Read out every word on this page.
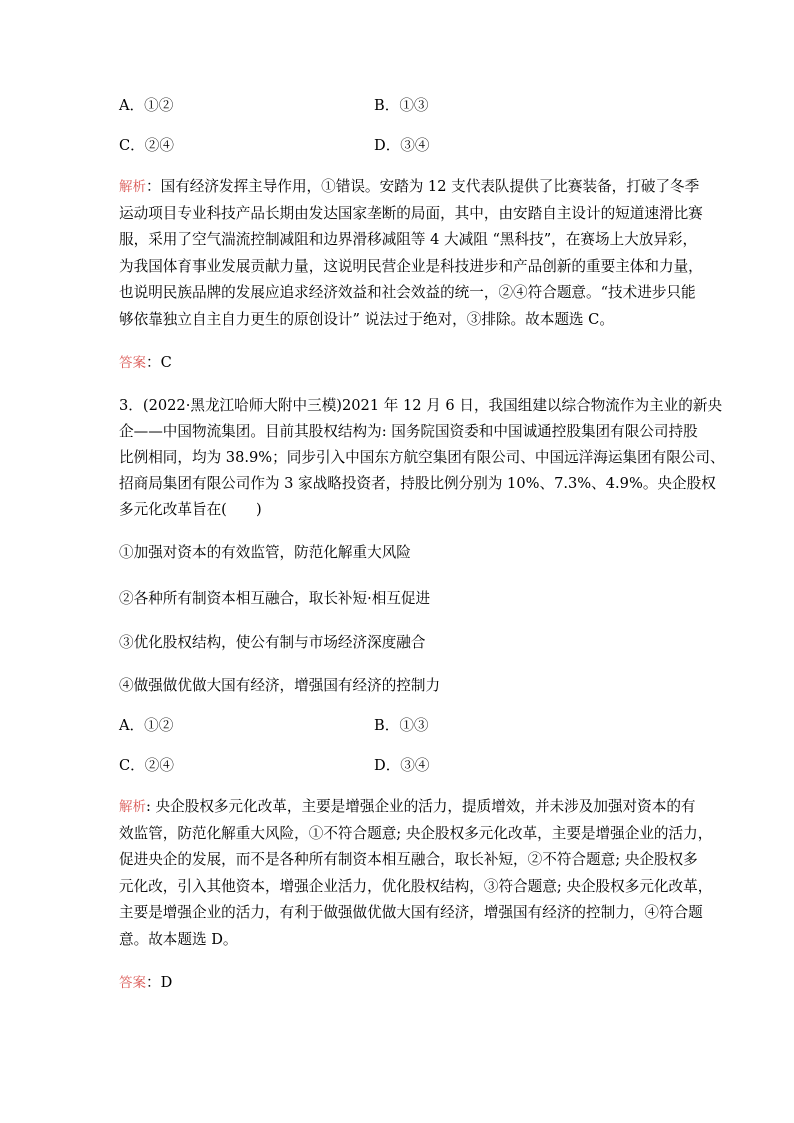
A．①②	B．①③
C．②④	D．③④
解析：国有经济发挥主导作用，①错误。安踏为 12 支代表队提供了比赛装备，打破了冬季
运动项目专业科技产品长期由发达国家垄断的局面，其中，由安踏自主设计的短道速滑比赛
服，采用了空气湍流控制减阻和边界滑移减阻等 4 大减阻 “黑科技”，在赛场上大放异彩，
为我国体育事业发展贡献力量，这说明民营企业是科技进步和产品创新的重要主体和力量，
也说明民族品牌的发展应追求经济效益和社会效益的统一，②④符合题意。“技术进步只能
够依靠独立自主自力更生的原创设计” 说法过于绝对，③排除。故本题选 C。
答案：C
3．(2022·黑龙江哈师大附中三模)2021 年 12 月 6 日，我国组建以综合物流作为主业的新央
企——中国物流集团。目前其股权结构为: 国务院国资委和中国诚通控股集团有限公司持股
比例相同，均为 38.9%；同步引入中国东方航空集团有限公司、中国远洋海运集团有限公司、
招商局集团有限公司作为 3 家战略投资者，持股比例分别为 10%、7.3%、4.9%。央企股权
多元化改革旨在(　　)
①加强对资本的有效监管，防范化解重大风险
②各种所有制资本相互融合，取长补短·相互促进
③优化股权结构，使公有制与市场经济深度融合
④做强做优做大国有经济，增强国有经济的控制力
A．①②	B．①③
C．②④	D．③④
解析: 央企股权多元化改革，主要是增强企业的活力，提质增效，并未涉及加强对资本的有
效监管，防范化解重大风险，①不符合题意; 央企股权多元化改革，主要是增强企业的活力，
促进央企的发展，而不是各种所有制资本相互融合，取长补短，②不符合题意; 央企股权多
元化改，引入其他资本，增强企业活力，优化股权结构，③符合题意; 央企股权多元化改革，
主要是增强企业的活力，有利于做强做优做大国有经济，增强国有经济的控制力，④符合题
意。故本题选 D。
答案：D
